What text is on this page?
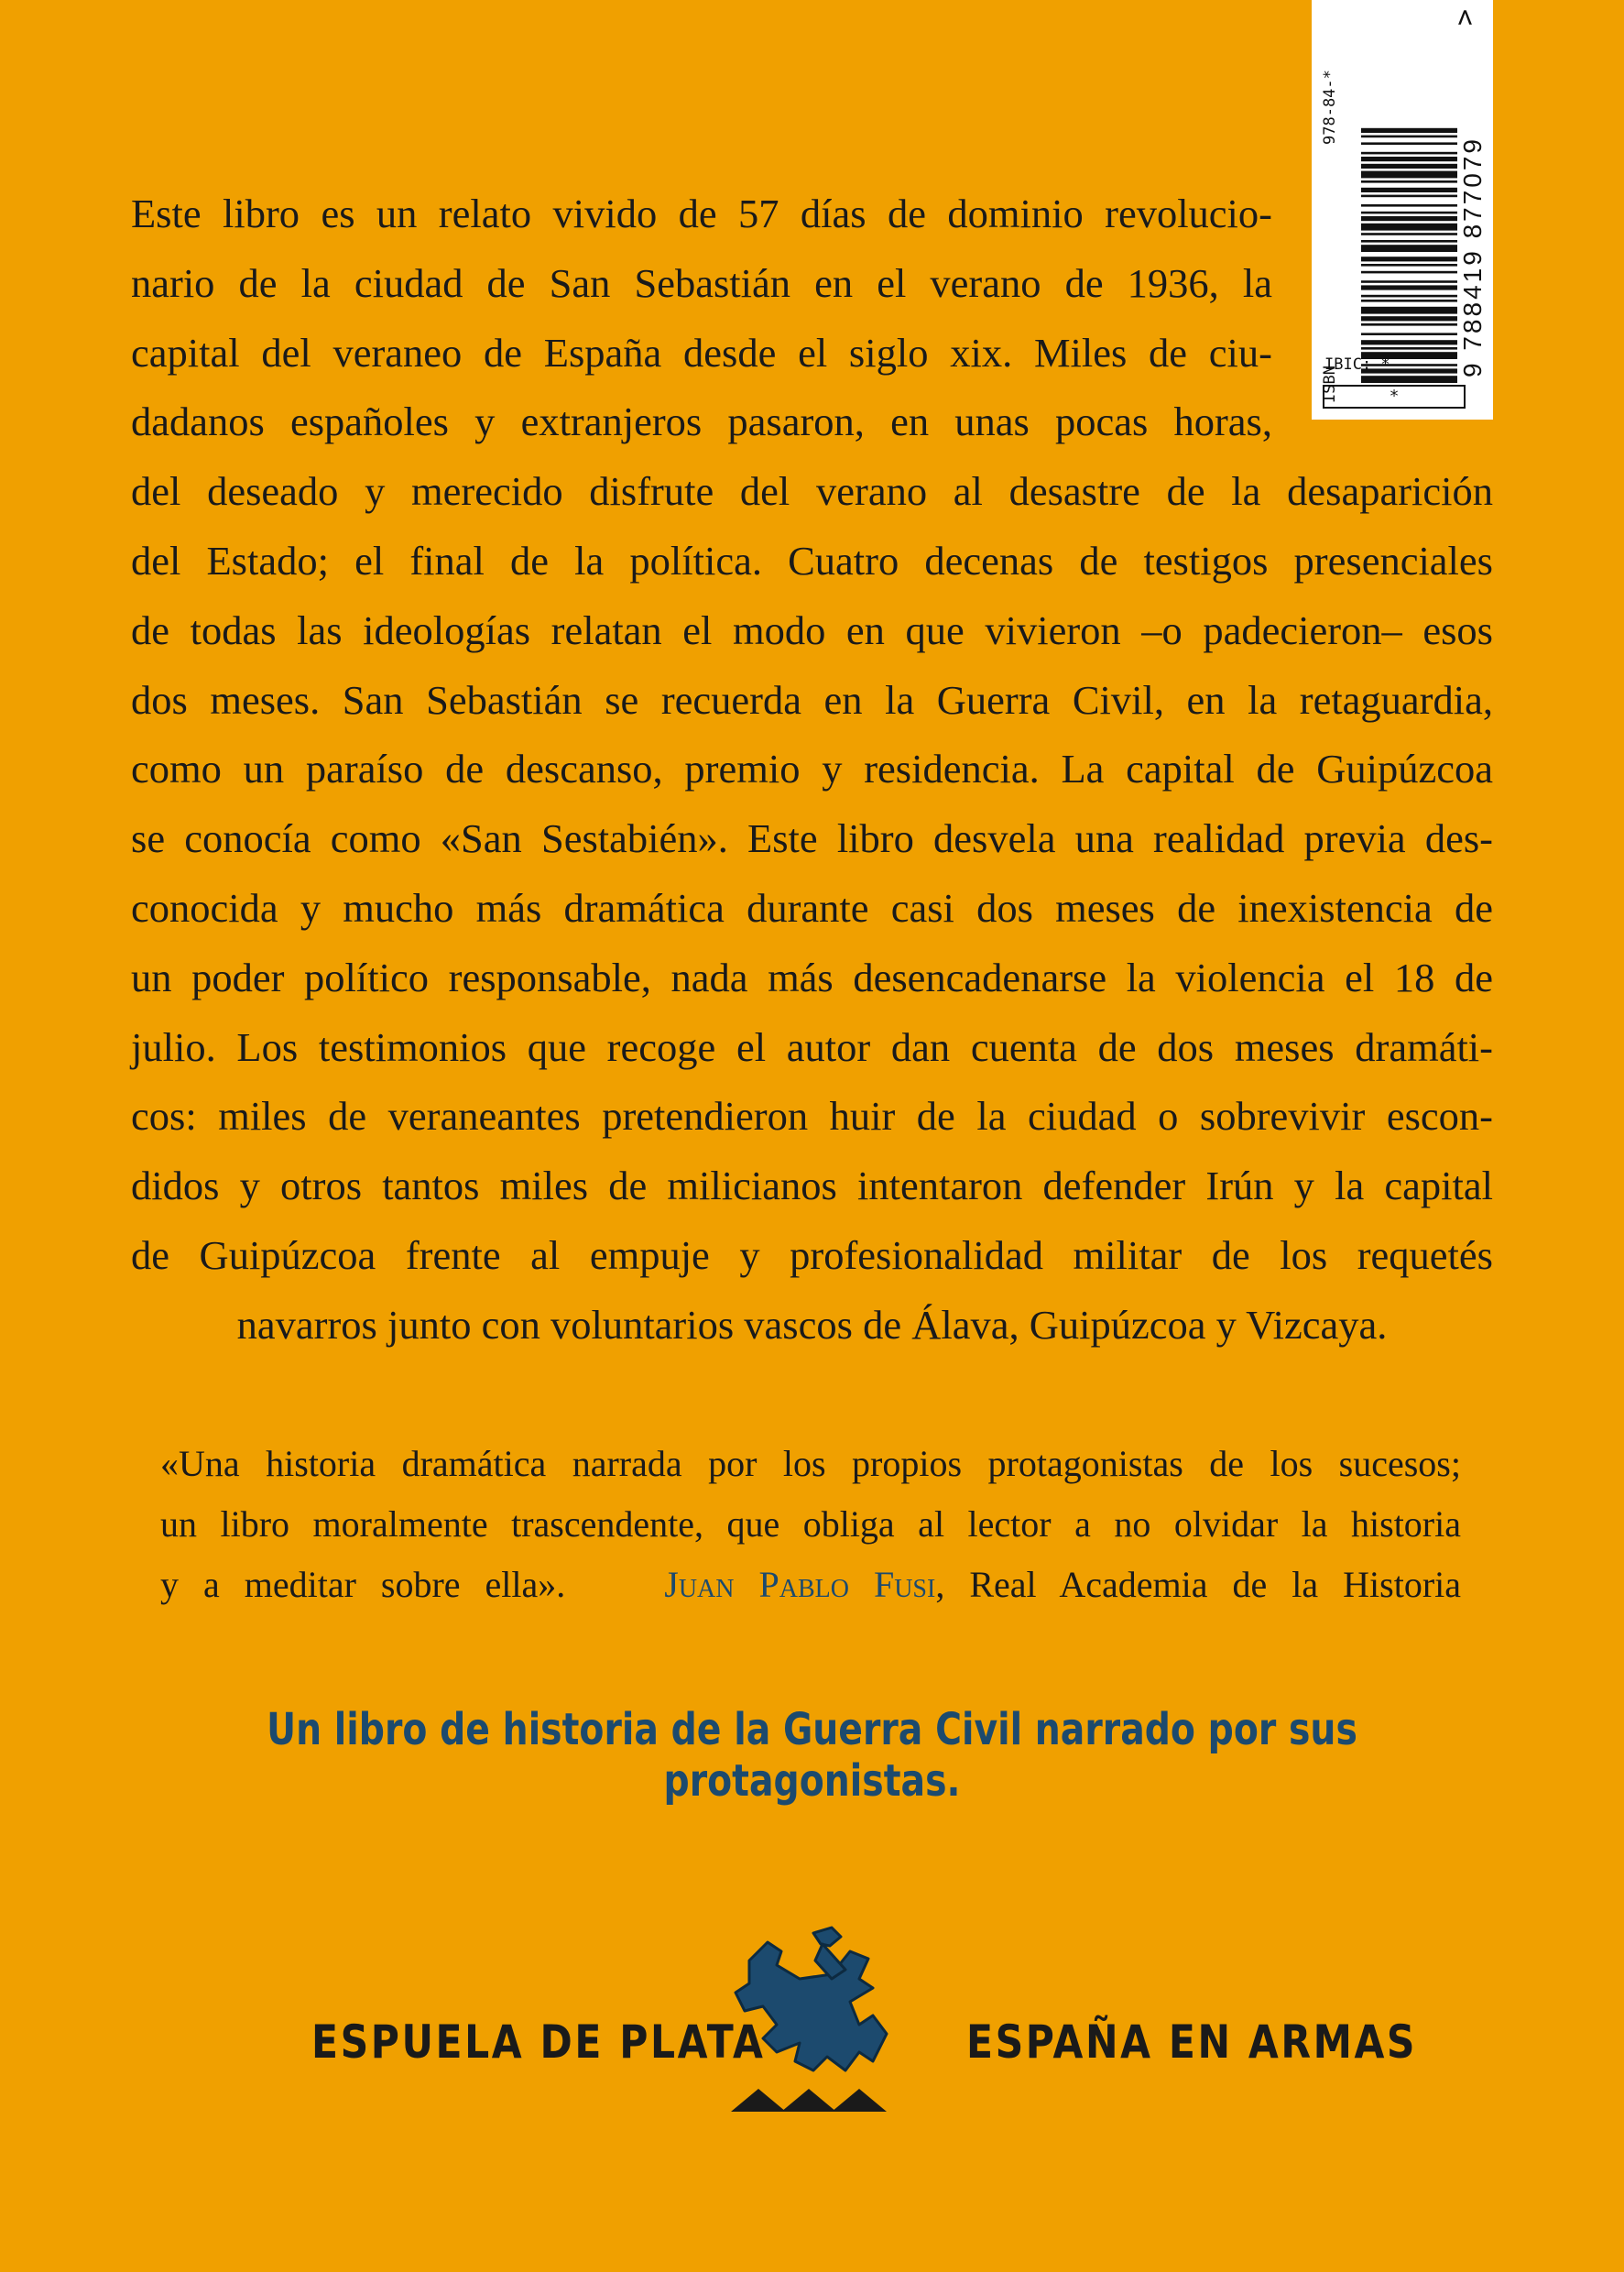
ISBN
978-84-*
9 788419 877079
>
IBIC: *
*
Este libro es un relato vivido de 57 días de dominio revolucio-
nario de la ciudad de San Sebastián en el verano de 1936, la
capital del veraneo de España desde el siglo xix. Miles de ciu-
dadanos españoles y extranjeros pasaron, en unas pocas horas,
del deseado y merecido disfrute del verano al desastre de la desaparición
del Estado; el final de la política. Cuatro decenas de testigos presenciales
de todas las ideologías relatan el modo en que vivieron –o padecieron– esos
dos meses. San Sebastián se recuerda en la Guerra Civil, en la retaguardia,
como un paraíso de descanso, premio y residencia. La capital de Guipúzcoa
se conocía como «San Sestabién». Este libro desvela una realidad previa des-
conocida y mucho más dramática durante casi dos meses de inexistencia de
un poder político responsable, nada más desencadenarse la violencia el 18 de
julio. Los testimonios que recoge el autor dan cuenta de dos meses dramáti-
cos: miles de veraneantes pretendieron huir de la ciudad o sobrevivir escon-
didos y otros tantos miles de milicianos intentaron defender Irún y la capital
de Guipúzcoa frente al empuje y profesionalidad militar de los requetés
navarros junto con voluntarios vascos de Álava, Guipúzcoa y Vizcaya.
«Una historia dramática narrada por los propios protagonistas de los sucesos;
un libro moralmente trascendente, que obliga al lector a no olvidar la historia
y a meditar sobre ella».	Juan Pablo Fusi, Real Academia de la Historia
Un libro de historia de la Guerra Civil narrado por sus protagonistas.
ESPUELA DE PLATA	ESPAÑA EN ARMAS
